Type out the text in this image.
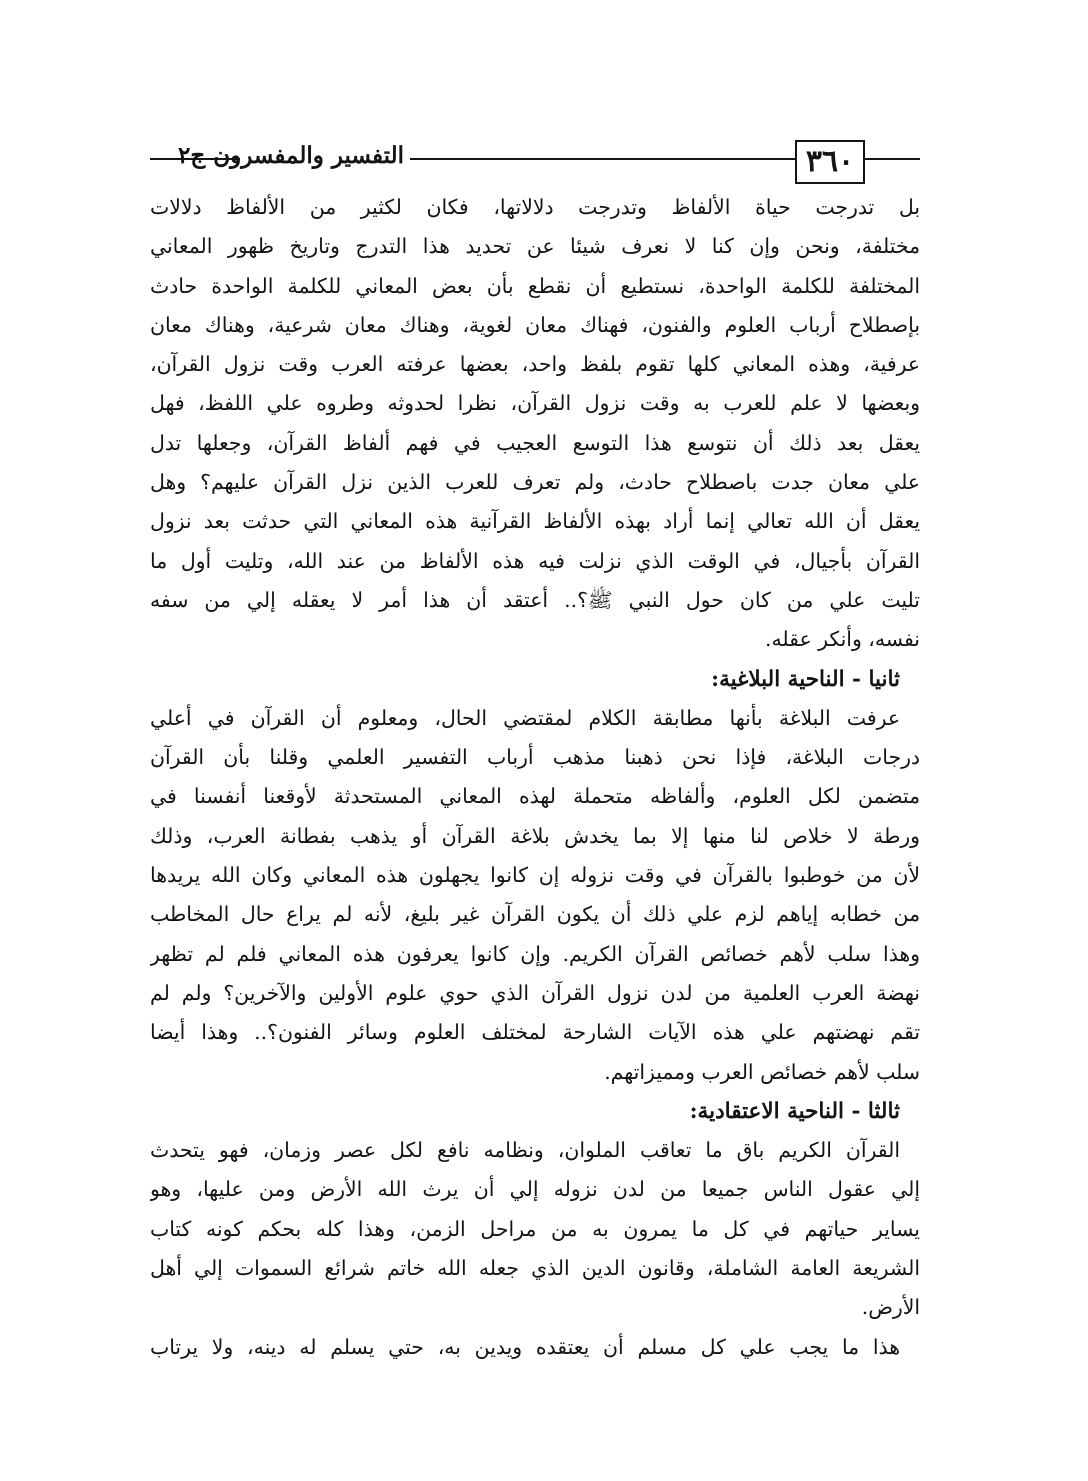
٣٦٠
التفسير والمفسرون ج٢
بل تدرجت حياة الألفاظ وتدرجت دلالاتها، فكان لكثير من الألفاظ دلالات
مختلفة، ونحن وإن كنا لا نعرف شيئا عن تحديد هذا التدرج وتاريخ ظهور المعاني
المختلفة للكلمة الواحدة، نستطيع أن نقطع بأن بعض المعاني للكلمة الواحدة حادث
بإصطلاح أرباب العلوم والفنون، فهناك معان لغوية، وهناك معان شرعية، وهناك معان
عرفية، وهذه المعاني كلها تقوم بلفظ واحد، بعضها عرفته العرب وقت نزول القرآن،
وبعضها لا علم للعرب به وقت نزول القرآن، نظرا لحدوثه وطروه علي اللفظ، فهل
يعقل بعد ذلك أن نتوسع هذا التوسع العجيب في فهم ألفاظ القرآن، وجعلها تدل
علي معان جدت باصطلاح حادث، ولم تعرف للعرب الذين نزل القرآن عليهم؟ وهل
يعقل أن الله تعالي إنما أراد بهذه الألفاظ القرآنية هذه المعاني التي حدثت بعد نزول
القرآن بأجيال، في الوقت الذي نزلت فيه هذه الألفاظ من عند الله، وتليت أول ما
تليت علي من كان حول النبي ﷺ؟.. أعتقد أن هذا أمر لا يعقله إلي من سفه
نفسه، وأنكر عقله.
ثانيا - الناحية البلاغية:
عرفت البلاغة بأنها مطابقة الكلام لمقتضي الحال، ومعلوم أن القرآن في أعلي
درجات البلاغة، فإذا نحن ذهبنا مذهب أرباب التفسير العلمي وقلنا بأن القرآن
متضمن لكل العلوم، وألفاظه متحملة لهذه المعاني المستحدثة لأوقعنا أنفسنا في
ورطة لا خلاص لنا منها إلا بما يخدش بلاغة القرآن أو يذهب بفطانة العرب، وذلك
لأن من خوطبوا بالقرآن في وقت نزوله إن كانوا يجهلون هذه المعاني وكان الله يريدها
من خطابه إياهم لزم علي ذلك أن يكون القرآن غير بليغ، لأنه لم يراع حال المخاطب
وهذا سلب لأهم خصائص القرآن الكريم. وإن كانوا يعرفون هذه المعاني فلم لم تظهر
نهضة العرب العلمية من لدن نزول القرآن الذي حوي علوم الأولين والآخرين؟ ولم لم
تقم نهضتهم علي هذه الآيات الشارحة لمختلف العلوم وسائر الفنون؟.. وهذا أيضا
سلب لأهم خصائص العرب ومميزاتهم.
ثالثا - الناحية الاعتقادية:
القرآن الكريم باق ما تعاقب الملوان، ونظامه نافع لكل عصر وزمان، فهو يتحدث
إلي عقول الناس جميعا من لدن نزوله إلي أن يرث الله الأرض ومن عليها، وهو
يساير حياتهم في كل ما يمرون به من مراحل الزمن، وهذا كله بحكم كونه كتاب
الشريعة العامة الشاملة، وقانون الدين الذي جعله الله خاتم شرائع السموات إلي أهل
الأرض.
هذا ما يجب علي كل مسلم أن يعتقده ويدين به، حتي يسلم له دينه، ولا يرتاب
